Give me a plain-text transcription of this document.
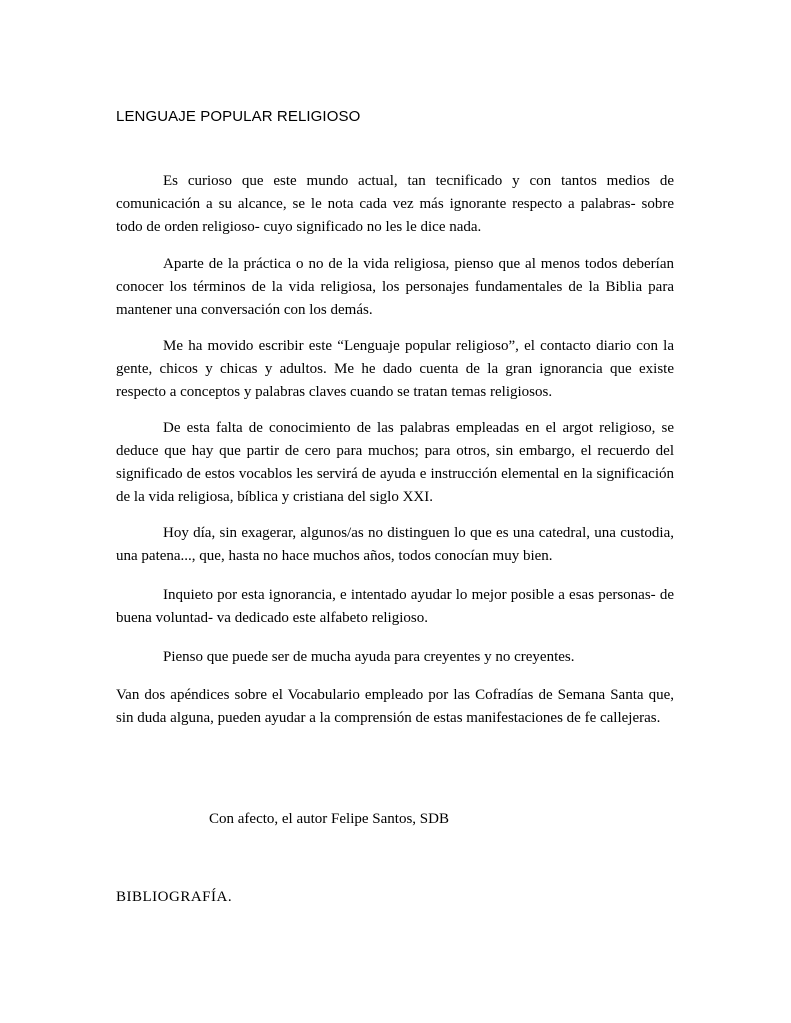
LENGUAJE POPULAR RELIGIOSO

Es curioso que este mundo actual, tan tecnificado y con tantos medios de comunicación a su alcance, se le nota cada vez más ignorante respecto a palabras- sobre todo de orden religioso- cuyo significado no les le dice nada.

Aparte de la práctica o no de la vida religiosa, pienso que al menos todos deberían conocer los términos de la vida religiosa, los personajes fundamentales de la Biblia para mantener una conversación con los demás.

Me ha movido escribir este “Lenguaje popular religioso”, el contacto diario con la gente, chicos y chicas y adultos. Me he dado cuenta de la gran ignorancia que existe respecto a conceptos y palabras claves cuando se tratan temas religiosos.

De esta falta de conocimiento de las palabras empleadas en el argot religioso, se deduce que hay que partir de cero para muchos; para otros, sin embargo, el recuerdo del significado de estos vocablos les servirá de ayuda e instrucción elemental en la significación de la vida religiosa, bíblica y cristiana del siglo XXI.

Hoy día, sin exagerar, algunos/as no distinguen lo que es una catedral, una custodia, una patena..., que, hasta no hace muchos años, todos conocían muy bien.

Inquieto por esta ignorancia, e intentado ayudar lo mejor posible a esas personas- de buena voluntad- va dedicado este alfabeto religioso.

Pienso que puede ser de mucha ayuda para creyentes y no creyentes.

Van dos apéndices sobre el Vocabulario empleado por las Cofradías de Semana Santa que, sin duda alguna, pueden ayudar a la comprensión de estas manifestaciones de fe callejeras.

Con afecto, el autor Felipe Santos, SDB
BIBLIOGRAFÍA.
